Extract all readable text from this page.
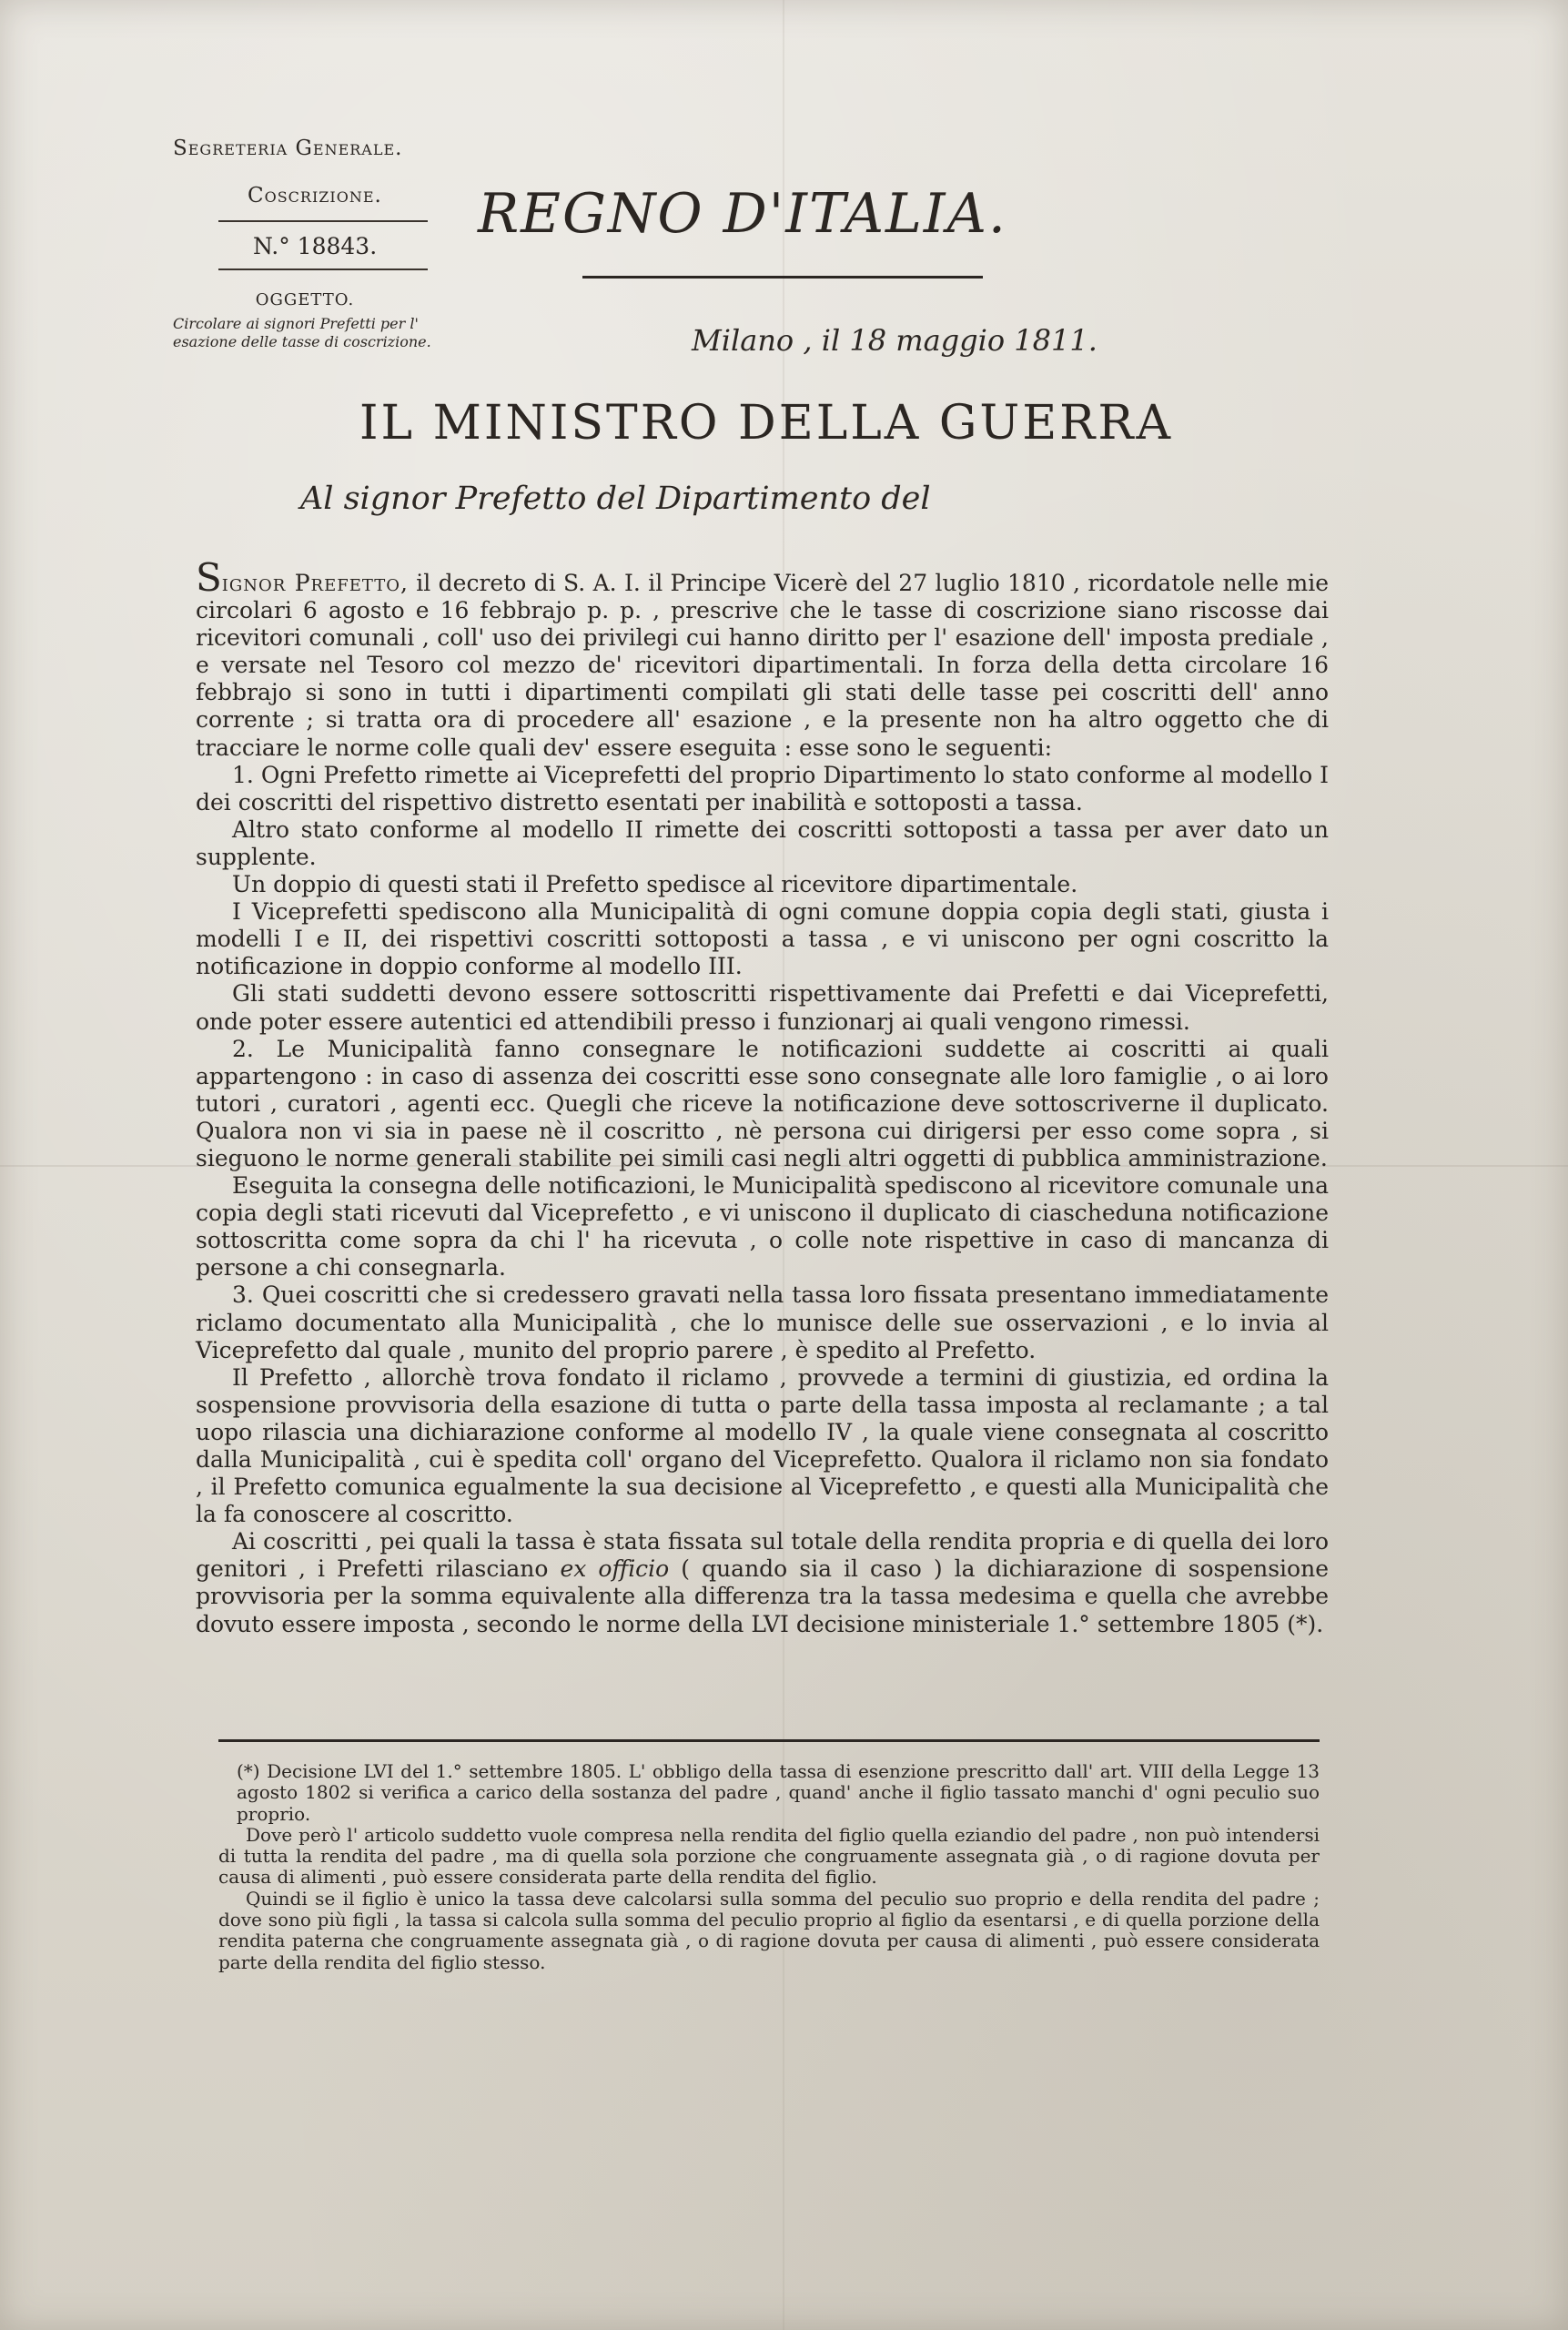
Segreteria Generale.
Coscrizione.
N.° 18843.
OGGETTO.
Circolare ai signori Prefetti per l' esazione delle tasse di coscrizione.
REGNO D'ITALIA.
Milano , il 18 maggio 1811.
IL MINISTRO DELLA GUERRA
Al signor Prefetto del Dipartimento del

Signor Prefetto, il decreto di S. A. I. il Principe Vicerè del 27 luglio 1810 , ricordatole nelle mie circolari 6 agosto e 16 febbrajo p. p. , prescrive che le tasse di coscrizione siano riscosse dai ricevitori comunali , coll' uso dei privilegi cui hanno diritto per l' esazione dell' imposta prediale , e versate nel Tesoro col mezzo de' ricevitori dipartimentali. In forza della detta circolare 16 febbrajo si sono in tutti i dipartimenti compilati gli stati delle tasse pei coscritti dell' anno corrente ; si tratta ora di procedere all' esazione , e la presente non ha altro oggetto che di tracciare le norme colle quali dev' essere eseguita : esse sono le seguenti:

1. Ogni Prefetto rimette ai Viceprefetti del proprio Dipartimento lo stato conforme al modello I dei coscritti del rispettivo distretto esentati per inabilità e sottoposti a tassa.

Altro stato conforme al modello II rimette dei coscritti sottoposti a tassa per aver dato un supplente.

Un doppio di questi stati il Prefetto spedisce al ricevitore dipartimentale.

I Viceprefetti spediscono alla Municipalità di ogni comune doppia copia degli stati, giusta i modelli I e II, dei rispettivi coscritti sottoposti a tassa , e vi uniscono per ogni coscritto la notificazione in doppio conforme al modello III.

Gli stati suddetti devono essere sottoscritti rispettivamente dai Prefetti e dai Viceprefetti, onde poter essere autentici ed attendibili presso i funzionarj ai quali vengono rimessi.

2. Le Municipalità fanno consegnare le notificazioni suddette ai coscritti ai quali appartengono : in caso di assenza dei coscritti esse sono consegnate alle loro famiglie , o ai loro tutori , curatori , agenti ecc. Quegli che riceve la notificazione deve sottoscriverne il duplicato. Qualora non vi sia in paese nè il coscritto , nè persona cui dirigersi per esso come sopra , si sieguono le norme generali stabilite pei simili casi negli altri oggetti di pubblica amministrazione.

Eseguita la consegna delle notificazioni, le Municipalità spediscono al ricevitore comunale una copia degli stati ricevuti dal Viceprefetto , e vi uniscono il duplicato di ciascheduna notificazione sottoscritta come sopra da chi l' ha ricevuta , o colle note rispettive in caso di mancanza di persone a chi consegnarla.

3. Quei coscritti che si credessero gravati nella tassa loro fissata presentano immediatamente riclamo documentato alla Municipalità , che lo munisce delle sue osservazioni , e lo invia al Viceprefetto dal quale , munito del proprio parere , è spedito al Prefetto.

Il Prefetto , allorchè trova fondato il riclamo , provvede a termini di giustizia, ed ordina la sospensione provvisoria della esazione di tutta o parte della tassa imposta al reclamante ; a tal uopo rilascia una dichiarazione conforme al modello IV , la quale viene consegnata al coscritto dalla Municipalità , cui è spedita coll' organo del Viceprefetto. Qualora il riclamo non sia fondato , il Prefetto comunica egualmente la sua decisione al Viceprefetto , e questi alla Municipalità che la fa conoscere al coscritto.

Ai coscritti , pei quali la tassa è stata fissata sul totale della rendita propria e di quella dei loro genitori , i Prefetti rilasciano ex officio ( quando sia il caso ) la dichiarazione di sospensione provvisoria per la somma equivalente alla differenza tra la tassa medesima e quella che avrebbe dovuto essere imposta , secondo le norme della LVI decisione ministeriale 1.° settembre 1805 (*).

(*) Decisione LVI del 1.° settembre 1805. L' obbligo della tassa di esenzione prescritto dall' art. VIII della Legge 13 agosto 1802 si verifica a carico della sostanza del padre , quand' anche il figlio tassato manchi d' ogni peculio suo proprio.

Dove però l' articolo suddetto vuole compresa nella rendita del figlio quella eziandio del padre , non può intendersi di tutta la rendita del padre , ma di quella sola porzione che congruamente assegnata già , o di ragione dovuta per causa di alimenti , può essere considerata parte della rendita del figlio.

Quindi se il figlio è unico la tassa deve calcolarsi sulla somma del peculio suo proprio e della rendita del padre ; dove sono più figli , la tassa si calcola sulla somma del peculio proprio al figlio da esentarsi , e di quella porzione della rendita paterna che congruamente assegnata già , o di ragione dovuta per causa di alimenti , può essere considerata parte della rendita del figlio stesso.
